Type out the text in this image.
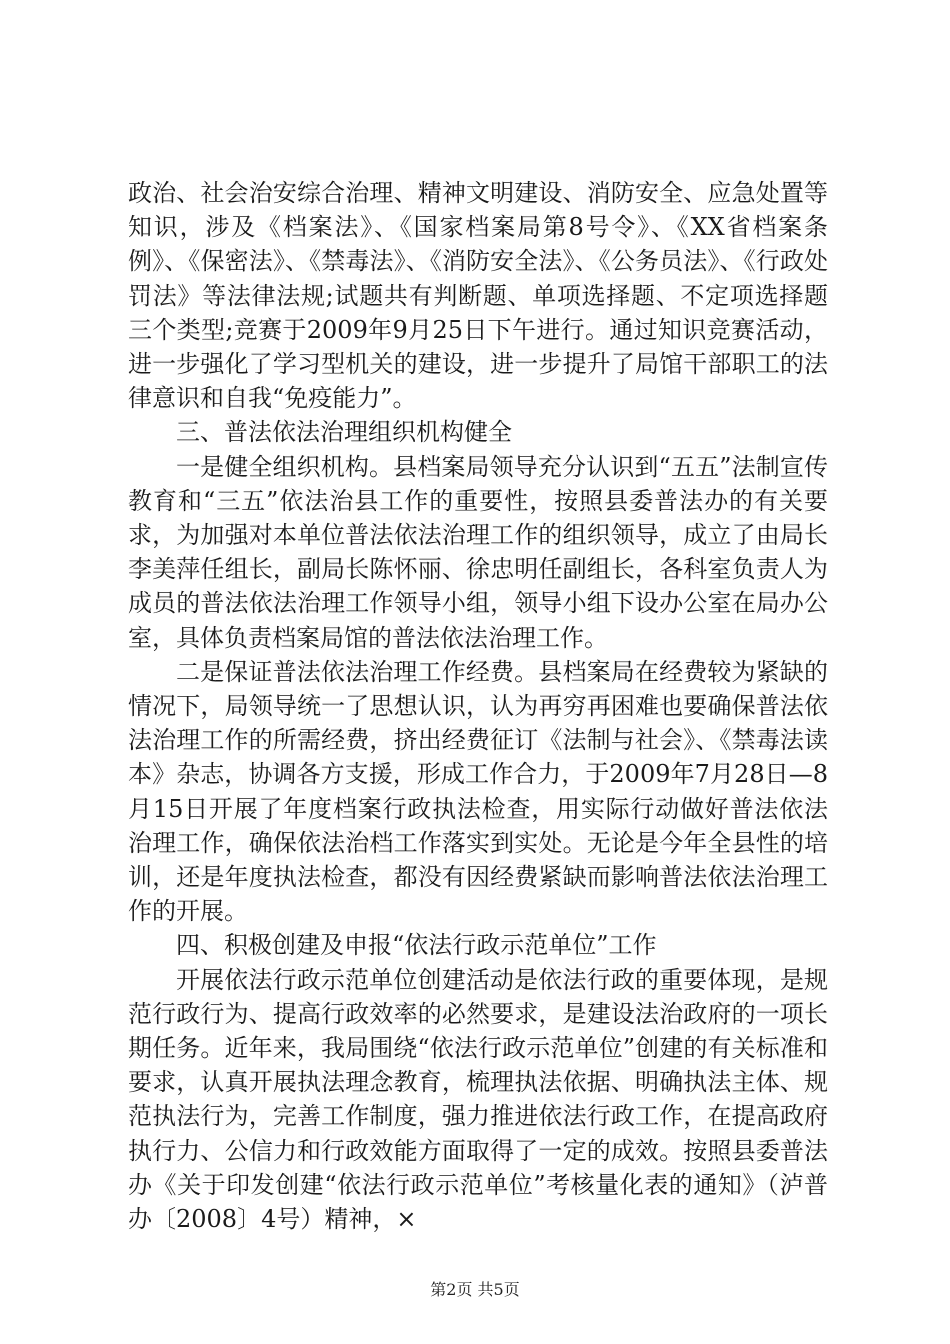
政治、社会治安综合治理、精神文明建设、消防安全、应急处置等知识，涉及《档案法》、《国家档案局第8号令》、《XX省档案条例》、《保密法》、《禁毒法》、《消防安全法》、《公务员法》、《行政处罚法》等法律法规;试题共有判断题、单项选择题、不定项选择题三个类型;竞赛于2009年9月25日下午进行。通过知识竞赛活动，进一步强化了学习型机关的建设，进一步提升了局馆干部职工的法律意识和自我“免疫能力”。

三、普法依法治理组织机构健全

一是健全组织机构。县档案局领导充分认识到“五五”法制宣传教育和“三五”依法治县工作的重要性，按照县委普法办的有关要求，为加强对本单位普法依法治理工作的组织领导，成立了由局长李美萍任组长，副局长陈怀丽、徐忠明任副组长，各科室负责人为成员的普法依法治理工作领导小组，领导小组下设办公室在局办公室，具体负责档案局馆的普法依法治理工作。

二是保证普法依法治理工作经费。县档案局在经费较为紧缺的情况下，局领导统一了思想认识，认为再穷再困难也要确保普法依法治理工作的所需经费，挤出经费征订《法制与社会》、《禁毒法读本》杂志，协调各方支援，形成工作合力，于2009年7月28日—8月15日开展了年度档案行政执法检查，用实际行动做好普法依法治理工作，确保依法治档工作落实到实处。无论是今年全县性的培训，还是年度执法检查，都没有因经费紧缺而影响普法依法治理工作的开展。

四、积极创建及申报“依法行政示范单位”工作

开展依法行政示范单位创建活动是依法行政的重要体现，是规范行政行为、提高行政效率的必然要求，是建设法治政府的一项长期任务。近年来，我局围绕“依法行政示范单位”创建的有关标准和要求，认真开展执法理念教育，梳理执法依据、明确执法主体、规范执法行为，完善工作制度，强力推进依法行政工作，在提高政府执行力、公信力和行政效能方面取得了一定的成效。按照县委普法办《关于印发创建“依法行政示范单位”考核量化表的通知》（泸普办〔2008〕4号）精神，×

第2页 共5页
